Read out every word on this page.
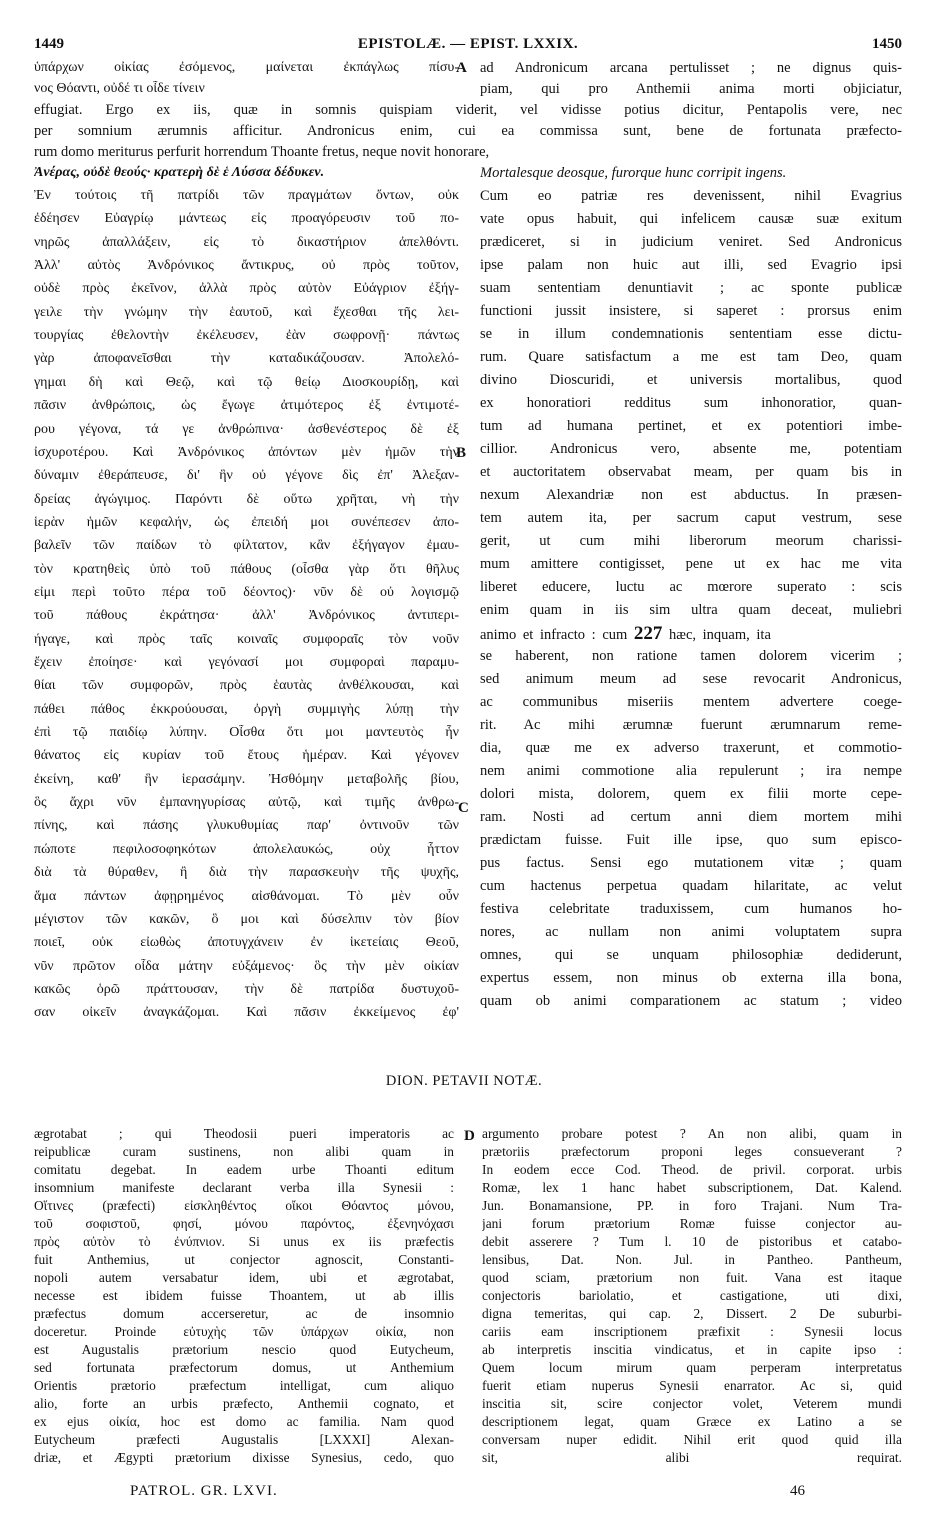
1449	EPISTOLÆ. — EPIST. LXXIX.	1450
ὑπάρχων οἰκίας ἐσόμενος, μαίνεται ἐκπάγλως πίσυ-
νος Θόαντι, οὐδέ τι οἶδε τίνειν
ad Andronicum arcana pertulisset ; ne dignus quis-
piam, qui pro Anthemii anima morti objiciatur,
effugiat. Ergo ex iis, quæ in somnis quispiam viderit, vel vidisse potius dicitur, Pentapolis vere, nec
per somnium ærumnis afficitur. Andronicus enim, cui ea commissa sunt, bene de fortunata præfecto-
rum domo meriturus perfurit horrendum Thoante fretus, neque novit honorare,
Ἀνέρας, οὐδὲ θεούς· κρατερὴ δὲ ἑ Λύσσα δέδυκεν.	Mortalesque deosque, furorque hunc corripit ingens.
Ἐν τούτοις τῆ πατρίδι τῶν πραγμάτων ὄντων, οὐκ
ἐδέησεν Εὐαγρίῳ μάντεως εἰς προαγόρευσιν τοῦ πο-
νηρῶς ἀπαλλάξειν, εἰς τὸ δικαστήριον ἀπελθόντι.
Ἀλλ' αὐτὸς Ἀνδρόνικος ἄντικρυς, οὐ πρὸς τοῦτον,
οὐδὲ πρὸς ἐκεῖνον, ἀλλὰ πρὸς αὐτὸν Εὐάγριον ἐξήγ-
γειλε τὴν γνώμην τὴν ἑαυτοῦ, καὶ ἔχεσθαι τῆς λει-
τουργίας ἐθελοντὴν ἐκέλευσεν, ἐὰν σωφρονῇ· πάντως
γὰρ ἀποφανεῖσθαι τὴν καταδικάζουσαν. Ἀπολελό-
γημαι δὴ καὶ Θεῷ, καὶ τῷ θείῳ Διοσκουρίδῃ, καὶ
πᾶσιν ἀνθρώποις, ὡς ἔγωγε ἀτιμότερος ἐξ ἐντιμοτέ-
ρου γέγονα, τά γε ἀνθρώπινα· ἀσθενέστερος δὲ ἐξ
ἰσχυροτέρου. Καὶ Ἀνδρόνικος ἀπόντων μὲν ἡμῶν τὴν
δύναμιν ἐθεράπευσε, δι' ἣν οὐ γέγονε δὶς ἐπ' Ἀλεξαν-
δρείας ἀγώγιμος. Παρόντι δὲ οὕτω χρῆται, νὴ τὴν
ἱερὰν ἡμῶν κεφαλήν, ὡς ἐπειδή μοι συνέπεσεν ἀπο-
βαλεῖν τῶν παίδων τὸ φίλτατον, κἂν ἐξήγαγον ἐμαυ-
τὸν κρατηθεὶς ὑπὸ τοῦ πάθους (οἶσθα γὰρ ὅτι θῆλυς
εἰμι περὶ τοῦτο πέρα τοῦ δέοντος)· νῦν δὲ οὐ λογισμῷ
τοῦ πάθους ἐκράτησα· ἀλλ' Ἀνδρόνικος ἀντιπερι-
ήγαγε, καὶ πρὸς ταῖς κοιναῖς συμφοραῖς τὸν νοῦν
ἔχειν ἐποίησε· καὶ γεγόνασί μοι συμφοραὶ παραμυ-
θίαι τῶν συμφορῶν, πρὸς ἑαυτὰς ἀνθέλκουσαι, καὶ
πάθει πάθος ἐκκρούουσαι, ὀργὴ συμμιγὴς λύπῃ τὴν
ἐπὶ τῷ παιδίῳ λύπην. Οἶσθα ὅτι μοι μαντευτὸς ἦν
θάνατος εἰς κυρίαν τοῦ ἔτους ἡμέραν. Καὶ γέγονεν
ἐκείνη, καθ' ἣν ἱερασάμην. Ἠσθόμην μεταβολῆς βίου,
ὃς ἄχρι νῦν ἐμπανηγυρίσας αὐτῷ, καὶ τιμῆς ἀνθρω-
πίνης, καὶ πάσης γλυκυθυμίας παρ' ὀντινοῦν τῶν
πώποτε πεφιλοσοφηκότων ἀπολελαυκώς, οὐχ ἧττον
διὰ τὰ θύραθεν, ἢ διὰ τὴν παρασκευὴν τῆς ψυχῆς,
ἅμα πάντων ἀφῃρημένος αἰσθάνομαι. Τὸ μὲν οὖν
μέγιστον τῶν κακῶν, ὃ μοι καὶ δύσελπιν τὸν βίον
ποιεῖ, οὐκ εἰωθὼς ἀποτυγχάνειν ἐν ἱκετείαις Θεοῦ,
νῦν πρῶτον οἶδα μάτην εὐξάμενος· ὃς τὴν μὲν οἰκίαν
κακῶς ὁρῶ πράττουσαν, τὴν δὲ πατρίδα δυστυχοῦ-
σαν οἰκεῖν ἀναγκάζομαι. Καὶ πᾶσιν ἐκκείμενος ἐφ'
Cum eo patriæ res devenissent, nihil Evagrius
vate opus habuit, qui infelicem causæ suæ exitum
prædiceret, si in judicium veniret. Sed Andronicus
ipse palam non huic aut illi, sed Evagrio ipsi
suam sententiam denuntiavit ; ac sponte publicæ
functioni jussit insistere, si saperet : prorsus enim
se in illum condemnationis sententiam esse dictu-
rum. Quare satisfactum a me est tam Deo, quam
divino Dioscuridi, et universis mortalibus, quod
ex honoratiori redditus sum inhonoratior, quan-
tum ad humana pertinet, et ex potentiori imbe-
cillior. Andronicus vero, absente me, potentiam
et auctoritatem observabat meam, per quam bis in
nexum Alexandriæ non est abductus. In præsen-
tem autem ita, per sacrum caput vestrum, sese
gerit, ut cum mihi liberorum meorum charissi-
mum amittere contigisset, pene ut ex hac me vita
liberet educere, luctu ac mœrore superato : scis
enim quam in iis sim ultra quam deceat, muliebri
animo et infracto : cum 227 hæc, inquam, ita
se haberent, non ratione tamen dolorem vicerim ;
sed animum meum ad sese revocarit Andronicus,
ac communibus miseriis mentem advertere coege-
rit. Ac mihi ærumnæ fuerunt ærumnarum reme-
dia, quæ me ex adverso traxerunt, et commotio-
nem animi commotione alia repulerunt ; ira nempe
dolori mista, dolorem, quem ex filii morte cepe-
ram. Nosti ad certum anni diem mortem mihi
prædictam fuisse. Fuit ille ipse, quo sum episco-
pus factus. Sensi ego mutationem vitæ ; quam
cum hactenus perpetua quadam hilaritate, ac velut
festiva celebritate traduxissem, cum humanos ho-
nores, ac nullam non animi voluptatem supra
omnes, qui se unquam philosophiæ dediderunt,
expertus essem, non minus ob externa illa bona,
quam ob animi comparationem ac statum ; video
A
B
C
D
ægrotabat ; qui Theodosii pueri imperatoris ac
reipublicæ curam sustinens, non alibi quam in
comitatu degebat. In eadem urbe Thoanti editum
insomnium manifeste declarant verba illa Synesii :
Οἵτινες (præfecti) εἰσκληθέντος οἴκοι Θόαντος μόνου,
τοῦ σοφιστοῦ, φησί, μόνου παρόντος, ἐξενηνόχασι
πρὸς αὐτὸν τὸ ἐνύπνιον. Si unus ex iis præfectis
fuit Anthemius, ut conjector agnoscit, Constanti-
nopoli autem versabatur idem, ubi et ægrotabat,
necesse est ibidem fuisse Thoantem, ut ab illis
præfectus domum accerseretur, ac de insomnio
doceretur. Proinde εὐτυχὴς τῶν ὑπάρχων οἰκία, non
est Augustalis prætorium nescio quod Eutycheum,
sed fortunata præfectorum domus, ut Anthemium
Orientis prætorio præfectum intelligat, cum aliquo
alio, forte an urbis præfecto, Anthemii cognato, et
ex ejus οἰκία, hoc est domo ac familia. Nam quod
Eutycheum præfecti Augustalis [LXXXI] Alexan-
driæ, et Ægypti prætorium dixisse Synesius, cedo, quo
argumento probare potest ? An non alibi, quam in
prætoriis præfectorum proponi leges consueverant ?
In eodem ecce Cod. Theod. de privil. corporat. urbis
Romæ, lex 1 hanc habet subscriptionem, Dat. Kalend.
Jun. Bonamansione, PP. in foro Trajani. Num Tra-
jani forum prætorium Romæ fuisse conjector au-
debit asserere ? Tum l. 10 de pistoribus et catabo-
lensibus, Dat. Non. Jul. in Pantheo. Pantheum,
quod sciam, prætorium non fuit. Vana est itaque
conjectoris bariolatio, et castigatione, uti dixi,
digna temeritas, qui cap. 2, Dissert. 2 De suburbi-
cariis eam inscriptionem præfixit : Synesii locus
ab interpretis inscitia vindicatus, et in capite ipso :
Quem locum mirum quam perperam interpretatus
fuerit etiam nuperus Synesii enarrator. Ac si, quid
inscitia sit, scire conjector volet, Veterem mundi
descriptionem legat, quam Græce ex Latino a se
conversam nuper edidit. Nihil erit quod quid illa
sit, alibi requirat.
DION. PETAVII NOTÆ.
PATROL. GR. LXVI.	46
